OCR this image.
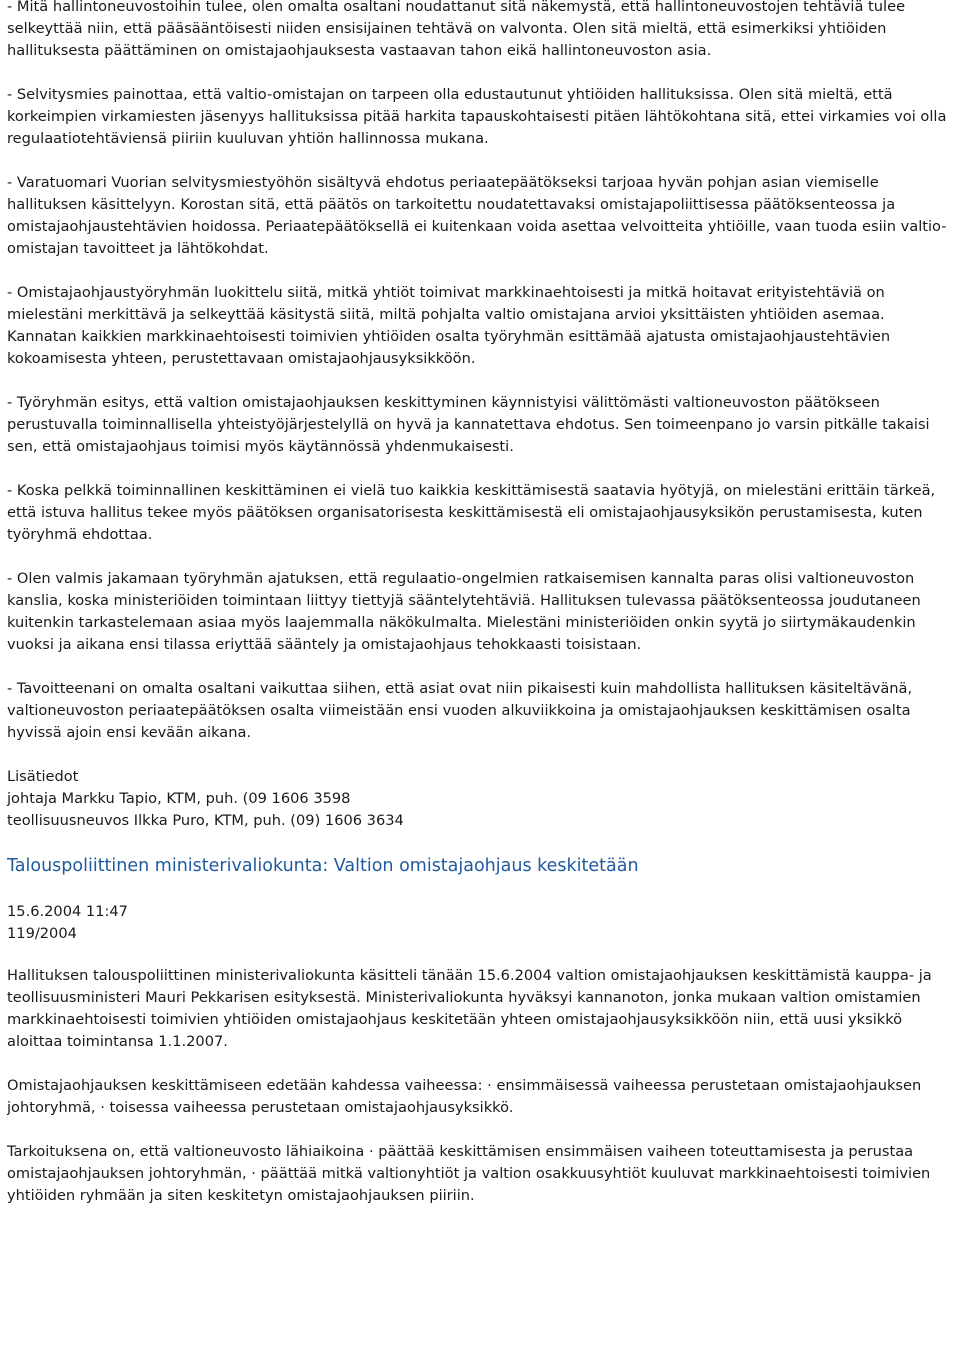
- Mitä hallintoneuvostoihin tulee, olen omalta osaltani noudattanut sitä näkemystä, että hallintoneuvostojen tehtäviä tulee selkeyttää niin, että pääsääntöisesti niiden ensisijainen tehtävä on valvonta. Olen sitä mieltä, että esimerkiksi yhtiöiden hallituksesta päättäminen on omistajaohjauksesta vastaavan tahon eikä hallintoneuvoston asia.

- Selvitysmies painottaa, että valtio-omistajan on tarpeen olla edustautunut yhtiöiden hallituksissa. Olen sitä mieltä, että korkeimpien virkamiesten jäsenyys hallituksissa pitää harkita tapauskohtaisesti pitäen lähtökohtana sitä, ettei virkamies voi olla regulaatiotehtäviensä piiriin kuuluvan yhtiön hallinnossa mukana.

- Varatuomari Vuorian selvitysmiestyöhön sisältyvä ehdotus periaatepäätökseksi tarjoaa hyvän pohjan asian viemiselle hallituksen käsittelyyn. Korostan sitä, että päätös on tarkoitettu noudatettavaksi omistajapoliittisessa päätöksenteossa ja omistajaohjaustehtävien hoidossa. Periaatepäätöksellä ei kuitenkaan voida asettaa velvoitteita yhtiöille, vaan tuoda esiin valtio-omistajan tavoitteet ja lähtökohdat.

- Omistajaohjaustyöryhmän luokittelu siitä, mitkä yhtiöt toimivat markkinaehtoisesti ja mitkä hoitavat erityistehtäviä on mielestäni merkittävä ja selkeyttää käsitystä siitä, miltä pohjalta valtio omistajana arvioi yksittäisten yhtiöiden asemaa. Kannatan kaikkien markkinaehtoisesti toimivien yhtiöiden osalta työryhmän esittämää ajatusta omistajaohjaustehtävien kokoamisesta yhteen, perustettavaan omistajaohjausyksikköön.

- Työryhmän esitys, että valtion omistajaohjauksen keskittyminen käynnistyisi välittömästi valtioneuvoston päätökseen perustuvalla toiminnallisella yhteistyöjärjestelyllä on hyvä ja kannatettava ehdotus. Sen toimeenpano jo varsin pitkälle takaisi sen, että omistajaohjaus toimisi myös käytännössä yhdenmukaisesti.

- Koska pelkkä toiminnallinen keskittäminen ei vielä tuo kaikkia keskittämisestä saatavia hyötyjä, on mielestäni erittäin tärkeä, että istuva hallitus tekee myös päätöksen organisatorisesta keskittämisestä eli omistajaohjausyksikön perustamisesta, kuten työryhmä ehdottaa.

- Olen valmis jakamaan työryhmän ajatuksen, että regulaatio-ongelmien ratkaisemisen kannalta paras olisi valtioneuvoston kanslia, koska ministeriöiden toimintaan liittyy tiettyjä sääntelytehtäviä. Hallituksen tulevassa päätöksenteossa joudutaneen kuitenkin tarkastelemaan asiaa myös laajemmalla näkökulmalta. Mielestäni ministeriöiden onkin syytä jo siirtymäkaudenkin vuoksi ja aikana ensi tilassa eriyttää sääntely ja omistajaohjaus tehokkaasti toisistaan.

- Tavoitteenani on omalta osaltani vaikuttaa siihen, että asiat ovat niin pikaisesti kuin mahdollista hallituksen käsiteltävänä, valtioneuvoston periaatepäätöksen osalta viimeistään ensi vuoden alkuviikkoina ja omistajaohjauksen keskittämisen osalta hyvissä ajoin ensi kevään aikana.

Lisätiedot
johtaja Markku Tapio, KTM, puh. (09 1606 3598
teollisuusneuvos Ilkka Puro, KTM, puh. (09) 1606 3634
Talouspoliittinen ministerivaliokunta: Valtion omistajaohjaus keskitetään
15.6.2004 11:47
119/2004

Hallituksen talouspoliittinen ministerivaliokunta käsitteli tänään 15.6.2004 valtion omistajaohjauksen keskittämistä kauppa- ja teollisuusministeri Mauri Pekkarisen esityksestä. Ministerivaliokunta hyväksyi kannanoton, jonka mukaan valtion omistamien markkinaehtoisesti toimivien yhtiöiden omistajaohjaus keskitetään yhteen omistajaohjausyksikköön niin, että uusi yksikkö aloittaa toimintansa 1.1.2007.

Omistajaohjauksen keskittämiseen edetään kahdessa vaiheessa: · ensimmäisessä vaiheessa perustetaan omistajaohjauksen johtoryhmä, · toisessa vaiheessa perustetaan omistajaohjausyksikkö.

Tarkoituksena on, että valtioneuvosto lähiaikoina · päättää keskittämisen ensimmäisen vaiheen toteuttamisesta ja perustaa omistajaohjauksen johtoryhmän, · päättää mitkä valtionyhtiöt ja valtion osakkuusyhtiöt kuuluvat markkinaehtoisesti toimivien yhtiöiden ryhmään ja siten keskitetyn omistajaohjauksen piiriin.
